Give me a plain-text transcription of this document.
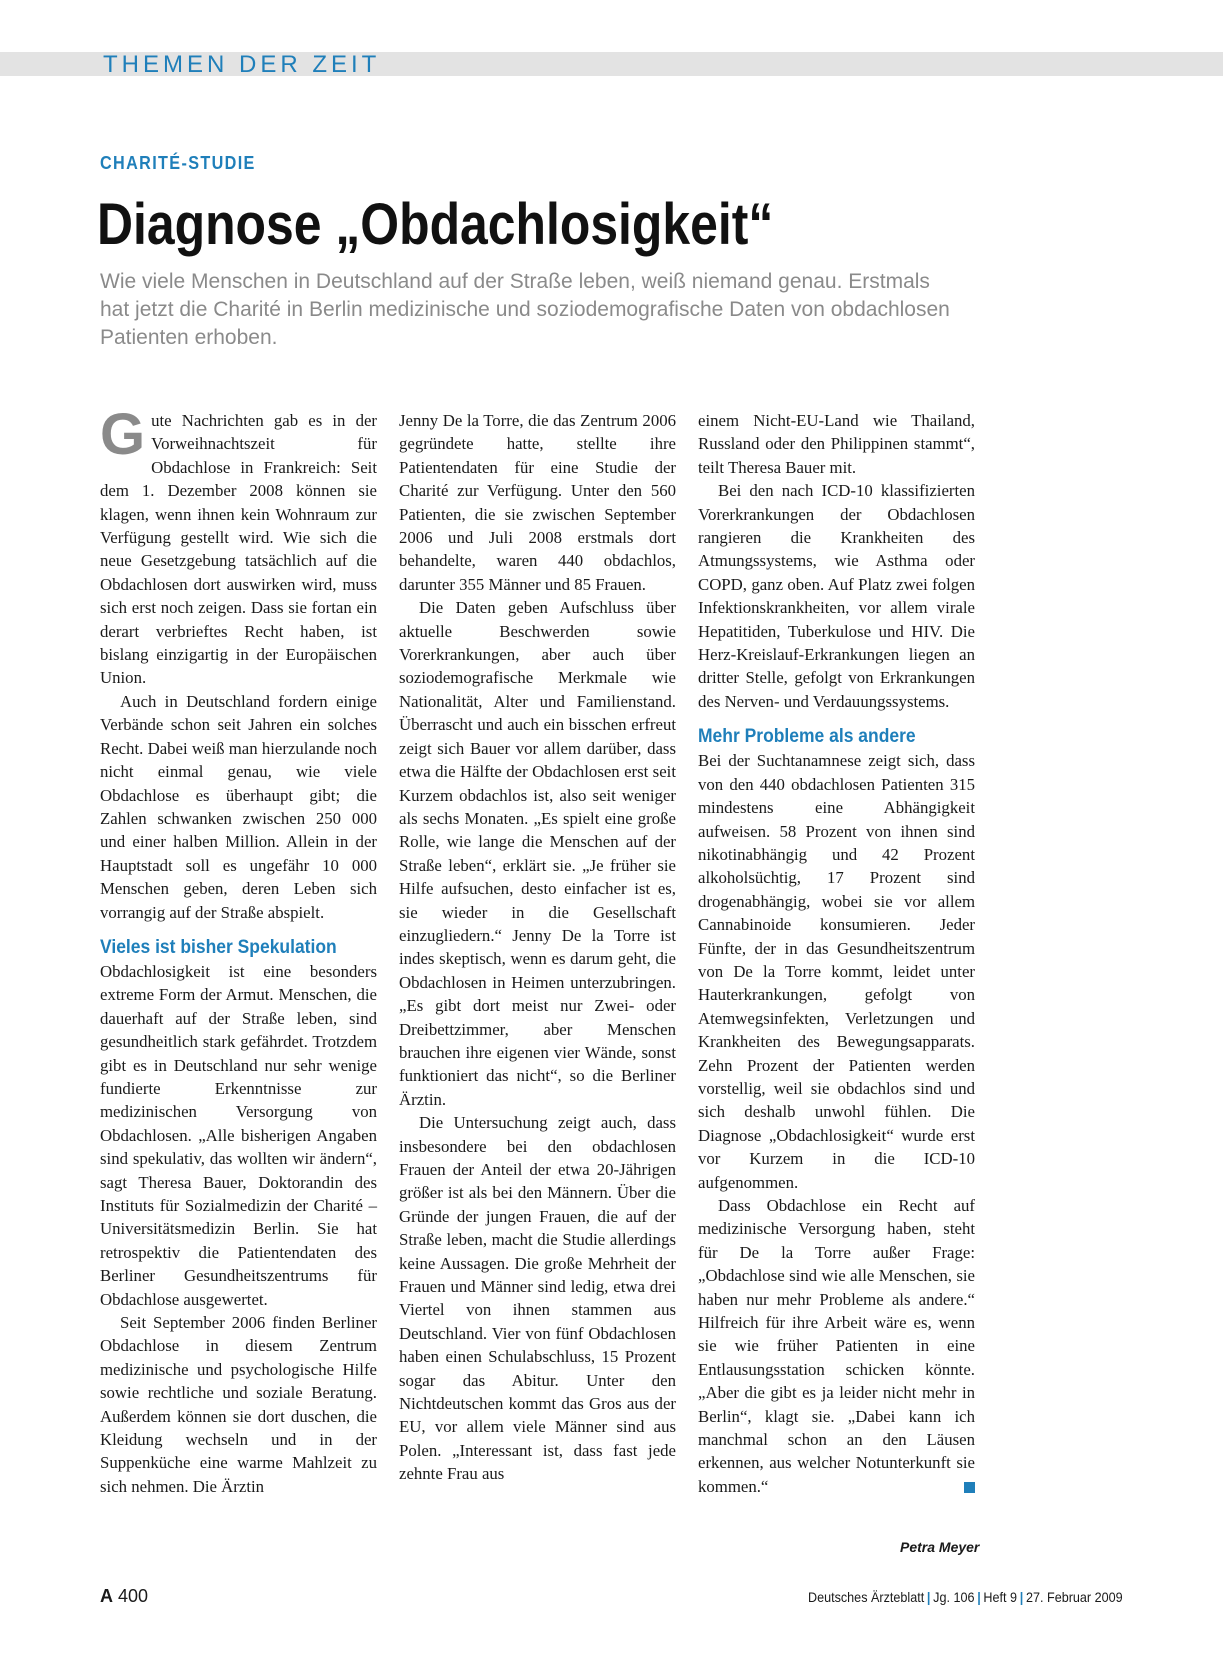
THEMEN DER ZEIT
CHARITÉ-STUDIE
Diagnose „Obdachlosigkeit“

Wie viele Menschen in Deutschland auf der Straße leben, weiß niemand genau. Erstmals hat jetzt die Charité in Berlin medizinische und soziodemografische Daten von obdachlosen Patienten erhoben.

Gute Nachrichten gab es in der Vorweihnachtszeit für Obdachlose in Frankreich: Seit dem 1. Dezember 2008 können sie klagen, wenn ihnen kein Wohnraum zur Verfügung gestellt wird. Wie sich die neue Gesetzgebung tatsächlich auf die Obdachlosen dort auswirken wird, muss sich erst noch zeigen. Dass sie fortan ein derart verbrieftes Recht haben, ist bislang einzigartig in der Europäischen Union.

Auch in Deutschland fordern einige Verbände schon seit Jahren ein solches Recht. Dabei weiß man hierzulande noch nicht einmal genau, wie viele Obdachlose es überhaupt gibt; die Zahlen schwanken zwischen 250 000 und einer halben Million. Allein in der Hauptstadt soll es ungefähr 10 000 Menschen geben, deren Leben sich vorrangig auf der Straße abspielt.

Vieles ist bisher Spekulation

Obdachlosigkeit ist eine besonders extreme Form der Armut. Menschen, die dauerhaft auf der Straße leben, sind gesundheitlich stark gefährdet. Trotzdem gibt es in Deutschland nur sehr wenige fundierte Erkenntnisse zur medizinischen Versorgung von Obdachlosen. „Alle bisherigen Angaben sind spekulativ, das wollten wir ändern“, sagt Theresa Bauer, Doktorandin des Instituts für Sozialmedizin der Charité – Universitätsmedizin Berlin. Sie hat retrospektiv die Patientendaten des Berliner Gesundheitszentrums für Obdachlose ausgewertet.

Seit September 2006 finden Berliner Obdachlose in diesem Zentrum medizinische und psychologische Hilfe sowie rechtliche und soziale Beratung. Außerdem können sie dort duschen, die Kleidung wechseln und in der Suppenküche eine warme Mahlzeit zu sich nehmen. Die Ärztin

Jenny De la Torre, die das Zentrum 2006 gegründete hatte, stellte ihre Patientendaten für eine Studie der Charité zur Verfügung. Unter den 560 Patienten, die sie zwischen September 2006 und Juli 2008 erstmals dort behandelte, waren 440 obdachlos, darunter 355 Männer und 85 Frauen.

Die Daten geben Aufschluss über aktuelle Beschwerden sowie Vorerkrankungen, aber auch über soziodemografische Merkmale wie Nationalität, Alter und Familienstand. Überrascht und auch ein bisschen erfreut zeigt sich Bauer vor allem darüber, dass etwa die Hälfte der Obdachlosen erst seit Kurzem obdachlos ist, also seit weniger als sechs Monaten. „Es spielt eine große Rolle, wie lange die Menschen auf der Straße leben“, erklärt sie. „Je früher sie Hilfe aufsuchen, desto einfacher ist es, sie wieder in die Gesellschaft einzugliedern.“ Jenny De la Torre ist indes skeptisch, wenn es darum geht, die Obdachlosen in Heimen unterzubringen. „Es gibt dort meist nur Zwei- oder Dreibettzimmer, aber Menschen brauchen ihre eigenen vier Wände, sonst funktioniert das nicht“, so die Berliner Ärztin.

Die Untersuchung zeigt auch, dass insbesondere bei den obdachlosen Frauen der Anteil der etwa 20-Jährigen größer ist als bei den Männern. Über die Gründe der jungen Frauen, die auf der Straße leben, macht die Studie allerdings keine Aussagen. Die große Mehrheit der Frauen und Männer sind ledig, etwa drei Viertel von ihnen stammen aus Deutschland. Vier von fünf Obdachlosen haben einen Schulabschluss, 15 Prozent sogar das Abitur. Unter den Nichtdeutschen kommt das Gros aus der EU, vor allem viele Männer sind aus Polen. „Interessant ist, dass fast jede zehnte Frau aus

einem Nicht-EU-Land wie Thailand, Russland oder den Philippinen stammt“, teilt Theresa Bauer mit.

Bei den nach ICD-10 klassifizierten Vorerkrankungen der Obdachlosen rangieren die Krankheiten des Atmungssystems, wie Asthma oder COPD, ganz oben. Auf Platz zwei folgen Infektionskrankheiten, vor allem virale Hepatitiden, Tuberkulose und HIV. Die Herz-Kreislauf-Erkrankungen liegen an dritter Stelle, gefolgt von Erkrankungen des Nerven- und Verdauungssystems.

Mehr Probleme als andere

Bei der Suchtanamnese zeigt sich, dass von den 440 obdachlosen Patienten 315 mindestens eine Abhängigkeit aufweisen. 58 Prozent von ihnen sind nikotinabhängig und 42 Prozent alkoholsüchtig, 17 Prozent sind drogenabhängig, wobei sie vor allem Cannabinoide konsumieren. Jeder Fünfte, der in das Gesundheitszentrum von De la Torre kommt, leidet unter Hauterkrankungen, gefolgt von Atemwegsinfekten, Verletzungen und Krankheiten des Bewegungsapparats. Zehn Prozent der Patienten werden vorstellig, weil sie obdachlos sind und sich deshalb unwohl fühlen. Die Diagnose „Obdachlosigkeit“ wurde erst vor Kurzem in die ICD-10 aufgenommen.

Dass Obdachlose ein Recht auf medizinische Versorgung haben, steht für De la Torre außer Frage: „Obdachlose sind wie alle Menschen, sie haben nur mehr Probleme als andere.“ Hilfreich für ihre Arbeit wäre es, wenn sie wie früher Patienten in eine Entlausungsstation schicken könnte. „Aber die gibt es ja leider nicht mehr in Berlin“, klagt sie. „Dabei kann ich manchmal schon an den Läusen erkennen, aus welcher Notunterkunft sie kommen.“

Petra Meyer
A 400	Deutsches Ärzteblatt | Jg. 106 | Heft 9 | 27. Februar 2009
